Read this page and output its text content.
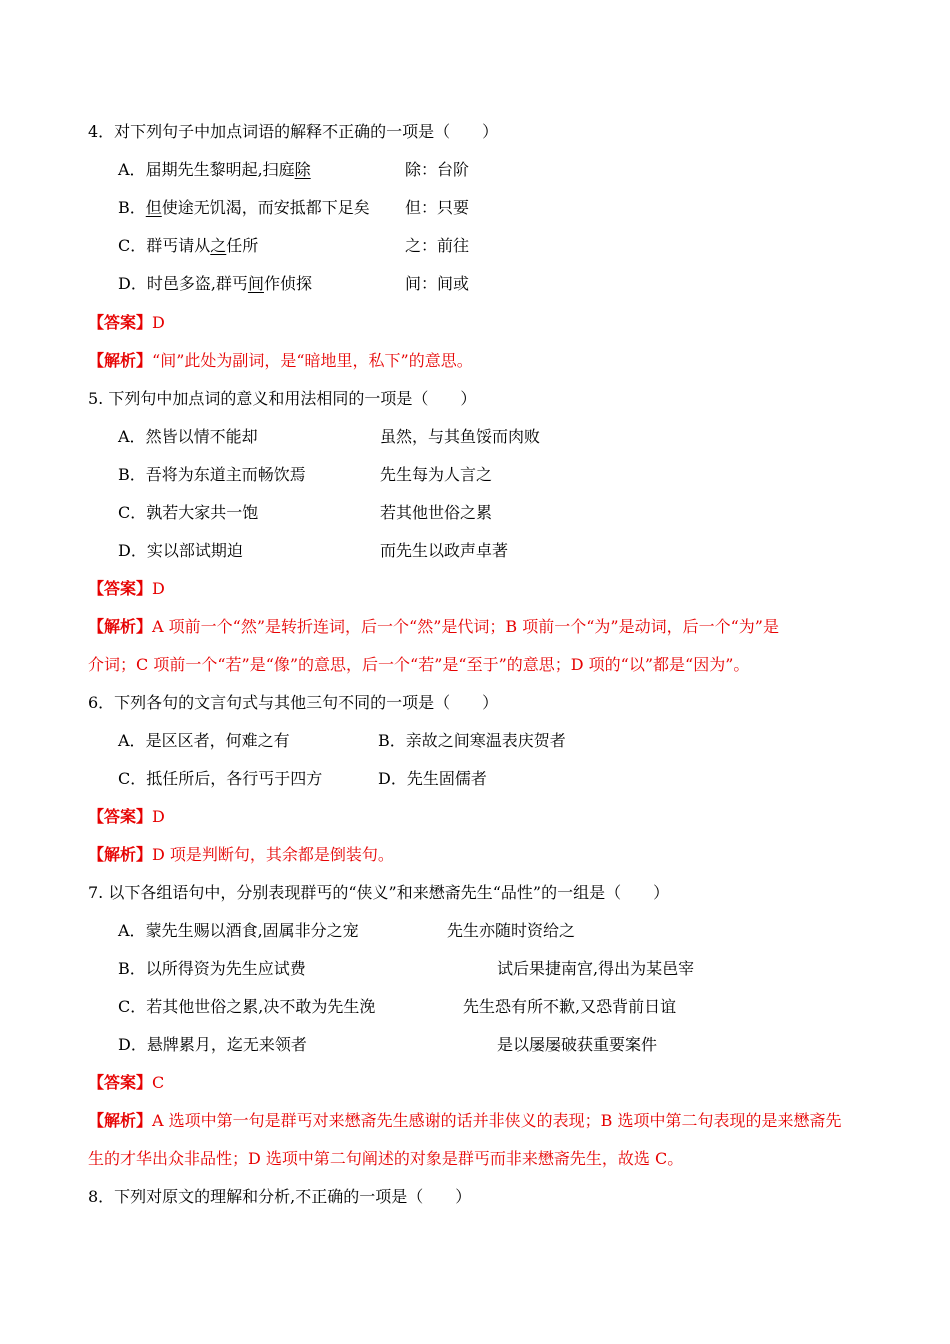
4．对下列句子中加点词语的解释不正确的一项是（　　）
A．届期先生黎明起,扫庭除	除：台阶
B．但使途无饥渴，而安抵都下足矣 但：只要
C．群丐请从之任所	之：前往
D．时邑多盗,群丐间作侦探	间：间或
【答案】D
【解析】“间”此处为副词，是“暗地里，私下”的意思。
5. 下列句中加点词的意义和用法相同的一项是（　　）
A．然皆以情不能却	虽然，与其鱼馁而肉败
B．吾将为东道主而畅饮焉	先生每为人言之
C．孰若大家共一饱	若其他世俗之累
D．实以部试期迫	而先生以政声卓著
【答案】D
【解析】A 项前一个“然”是转折连词，后一个“然”是代词；B 项前一个“为”是动词，后一个“为”是
介词；C 项前一个“若”是“像”的意思，后一个“若”是“至于”的意思；D 项的“以”都是“因为”。
6．下列各句的文言句式与其他三句不同的一项是（　　）
A．是区区者，何难之有	B．亲故之间寒温表庆贺者
C．抵任所后，各行丐于四方	D．先生固儒者
【答案】D
【解析】D 项是判断句，其余都是倒装句。
7. 以下各组语句中，分别表现群丐的“侠义”和来懋斋先生“品性”的一组是（　　）
A．蒙先生赐以酒食,固属非分之宠	先生亦随时资给之
B．以所得资为先生应试费	试后果捷南宫,得出为某邑宰
C．若其他世俗之累,决不敢为先生浼	先生恐有所不歉,又恐背前日谊
D．悬牌累月，迄无来领者	是以屡屡破获重要案件
【答案】C
【解析】A 选项中第一句是群丐对来懋斋先生感谢的话并非侠义的表现；B 选项中第二句表现的是来懋斋先
生的才华出众非品性；D 选项中第二句阐述的对象是群丐而非来懋斋先生，故选 C。
8．下列对原文的理解和分析,不正确的一项是（　　）
